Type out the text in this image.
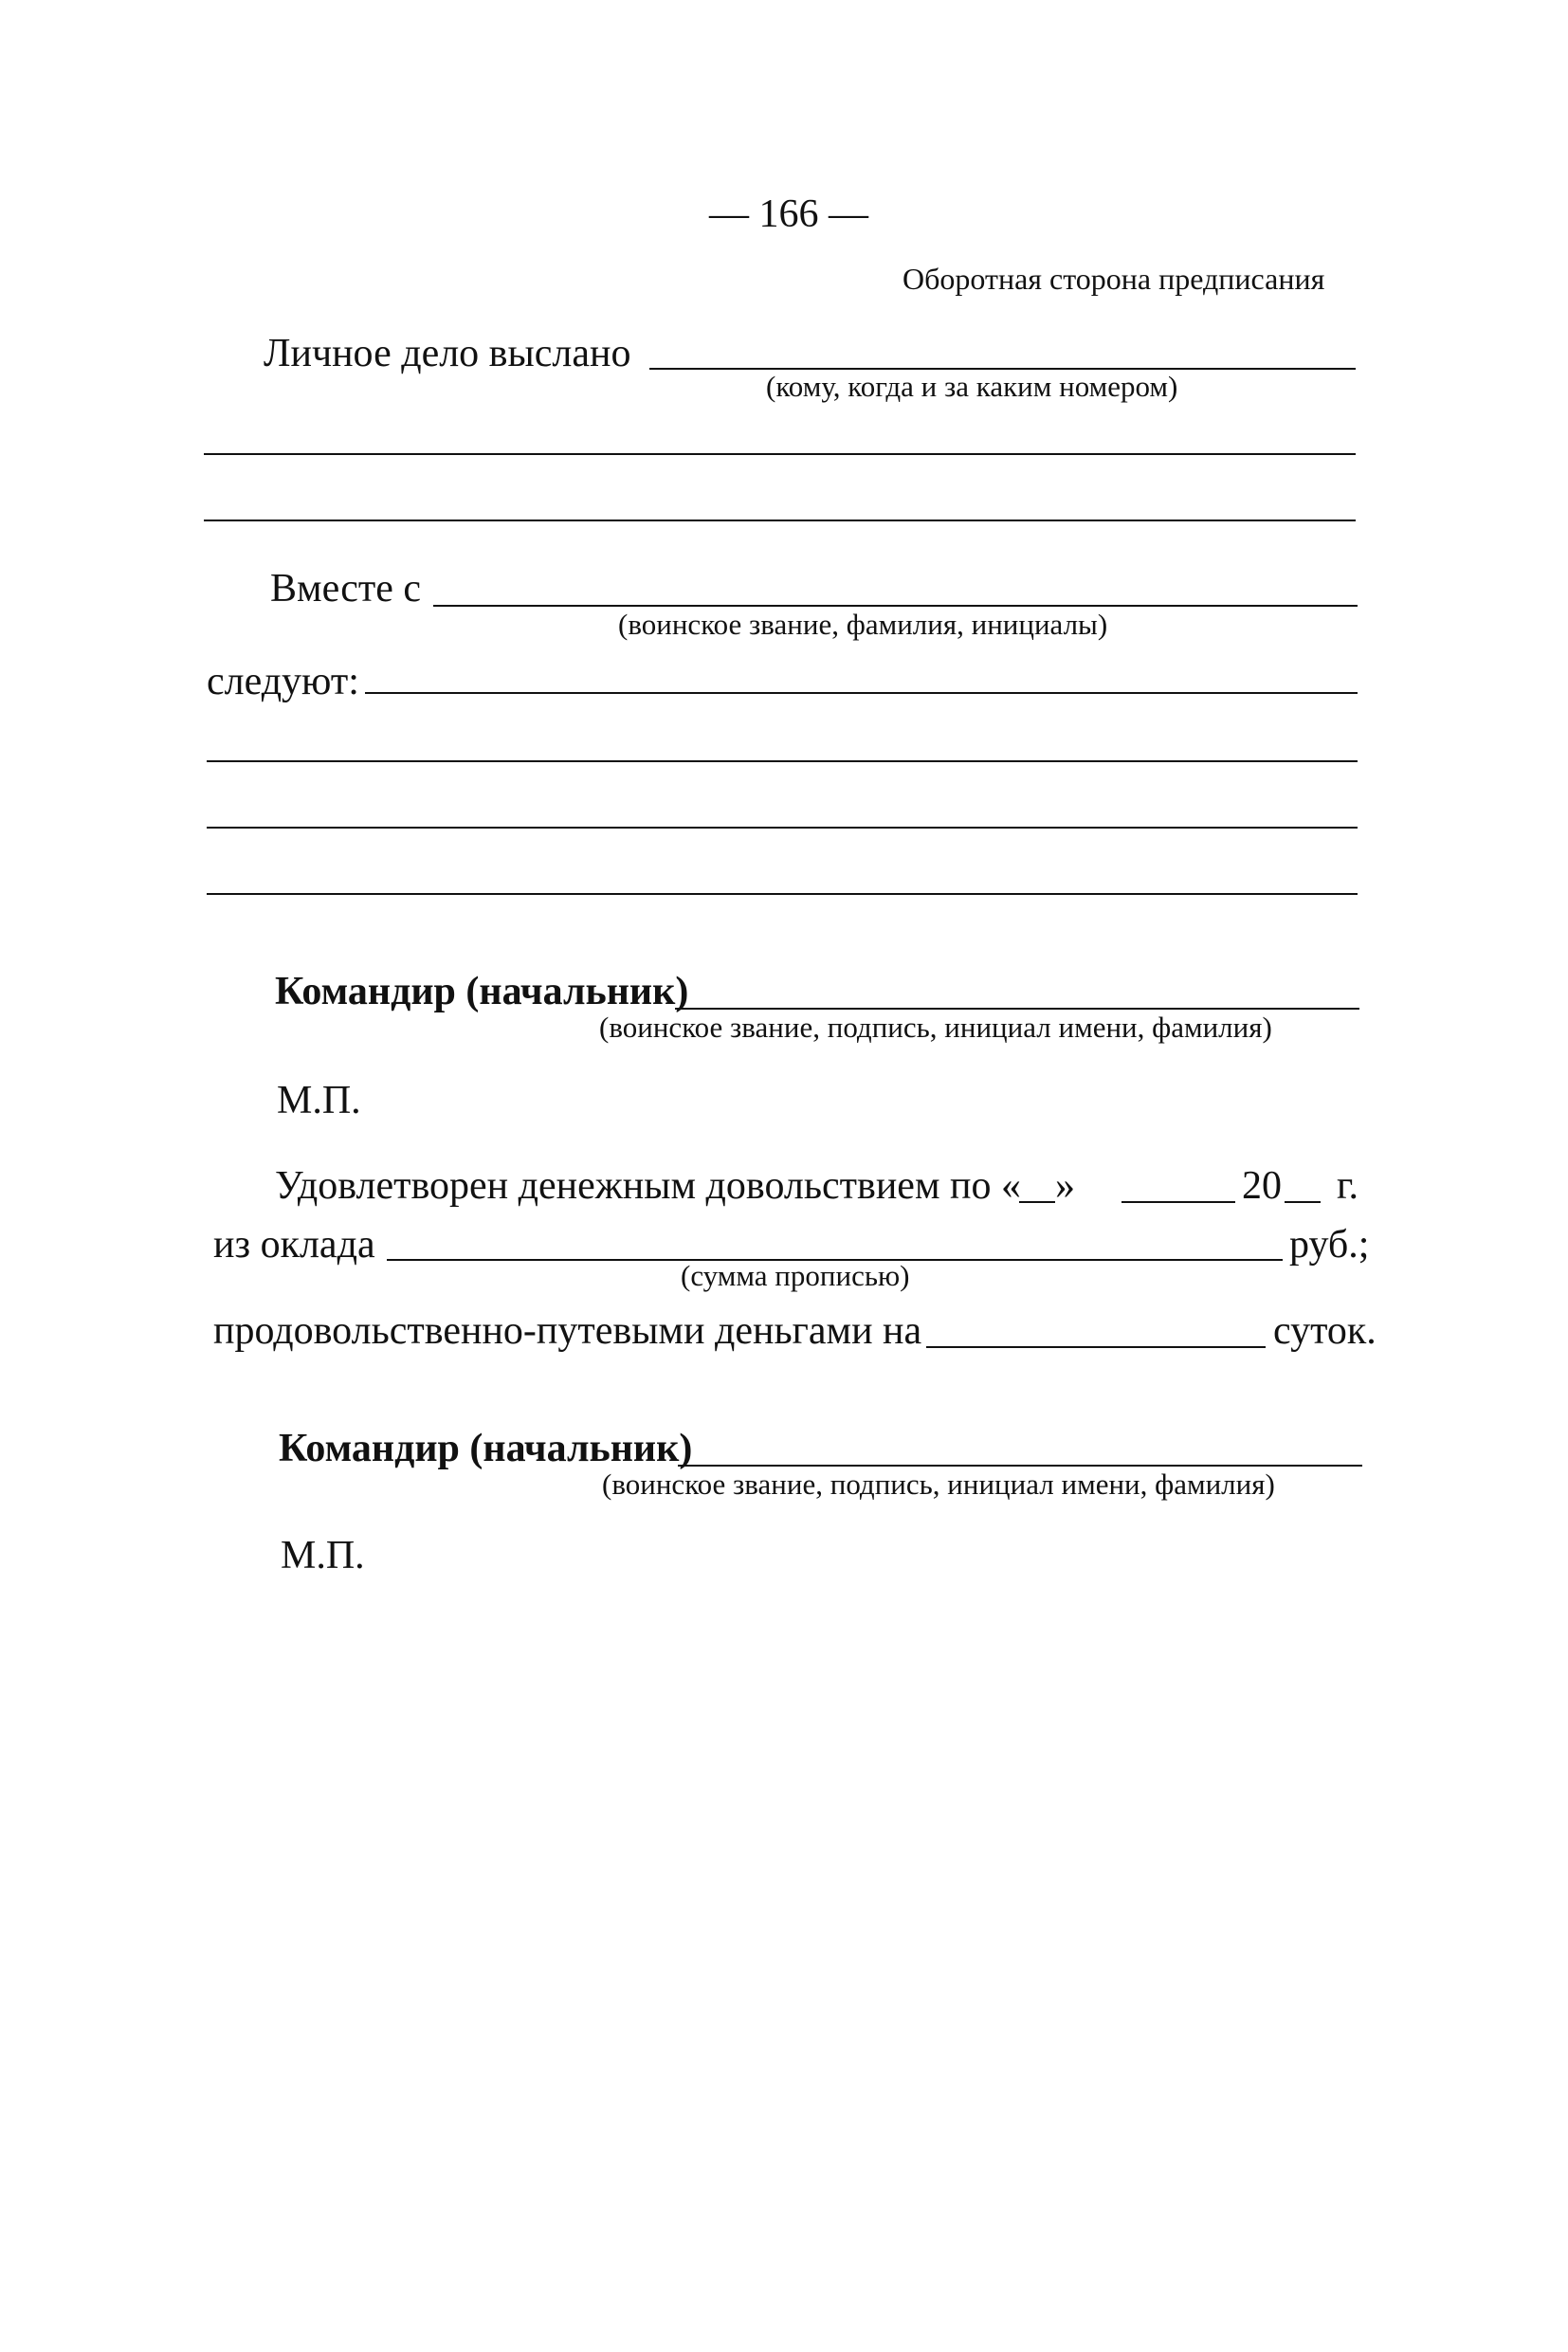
— 166 —
Оборотная сторона предписания
Личное дело выслано
(кому, когда и за каким номером)
Вместе с
(воинское звание, фамилия, инициалы)
следуют:
Командир (начальник)
(воинское звание, подпись, инициал имени, фамилия)
М.П.
Удовлетворен денежным довольствием по « »	20 г.
из оклада	руб.;
(сумма прописью)
продовольственно-путевыми деньгами на	суток.
Командир (начальник)
(воинское звание, подпись, инициал имени, фамилия)
М.П.
